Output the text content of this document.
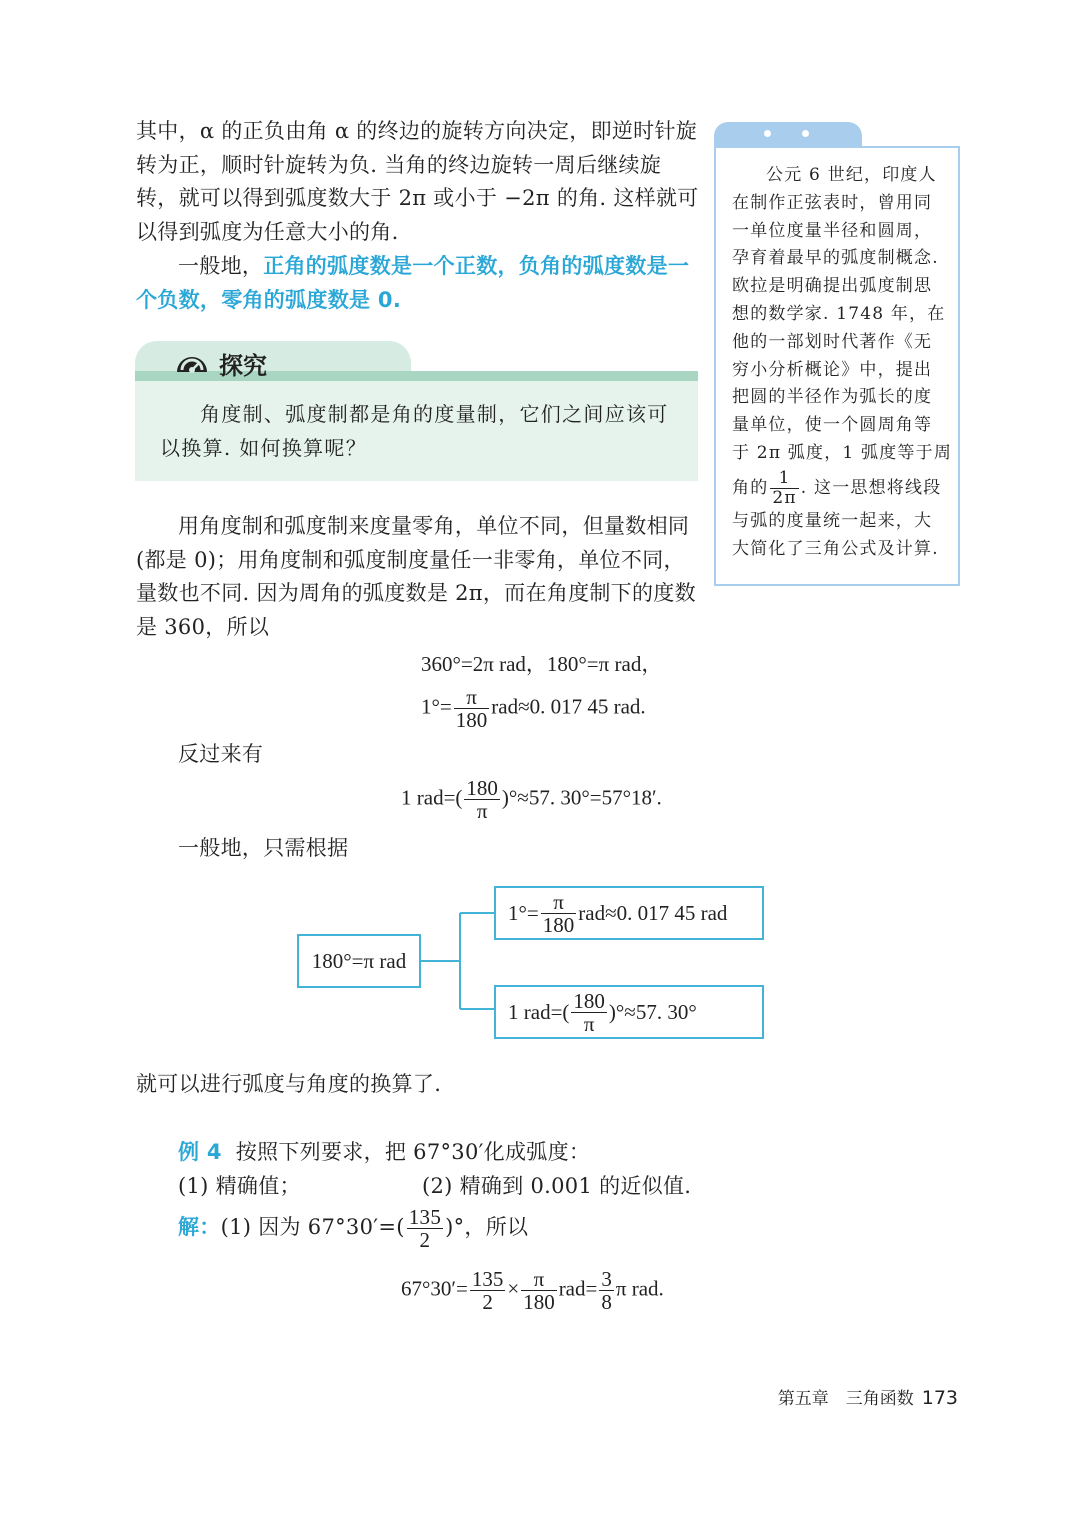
其中，α 的正负由角 α 的终边的旋转方向决定，即逆时针旋
转为正，顺时针旋转为负. 当角的终边旋转一周后继续旋
转，就可以得到弧度数大于 2π 或小于 −2π 的角. 这样就可
以得到弧度为任意大小的角.
一般地，正角的弧度数是一个正数，负角的弧度数是一
个负数，零角的弧度数是 0.
探究
角度制、弧度制都是角的度量制，它们之间应该可
以换算. 如何换算呢？
公元 6 世纪，印度人
在制作正弦表时，曾用同
一单位度量半径和圆周，
孕育着最早的弧度制概念.
欧拉是明确提出弧度制思
想的数学家. 1748 年，在
他的一部划时代著作《无
穷小分析概论》中，提出
把圆的半径作为弧长的度
量单位，使一个圆周角等
于 2π 弧度，1 弧度等于周
角的 $\frac{1}{2\pi}$ . 这一思想将线段
与弧的度量统一起来，大
大简化了三角公式及计算.
用角度制和弧度制来度量零角，单位不同，但量数相同
(都是 0)；用角度制和弧度制度量任一非零角，单位不同，
量数也不同. 因为周角的弧度数是 2π，而在角度制下的度数
是 360，所以
360°=2π rad，180°=π rad，
$1^\circ= \frac{\pi}{180} rad\approx 0$. 017 45 rad.
反过来有
1 $rad=( \frac{180}{\pi} )^\circ\approx 57$. 30°=57°18′.
一般地，只需根据
180°=π rad
$1^\circ= \frac{\pi}{180} rad\approx 0$. 017 45 rad
1 $rad=( \frac{180}{\pi} )^\circ\approx 57$. 30°
就可以进行弧度与角度的换算了.
例 4 按照下列要求，把 67°30′化成弧度：
(1) 精确值；	(2) 精确到 0.001 的近似值.
解：(1) 因为 $67^\circ 30'=( \frac{135}{2}$ )°，所以
$67^\circ 30'= \frac{135}{2} \times \frac{\pi}{180} rad= \frac{3}{8}$ π rad.
第五章　三角函数 173
